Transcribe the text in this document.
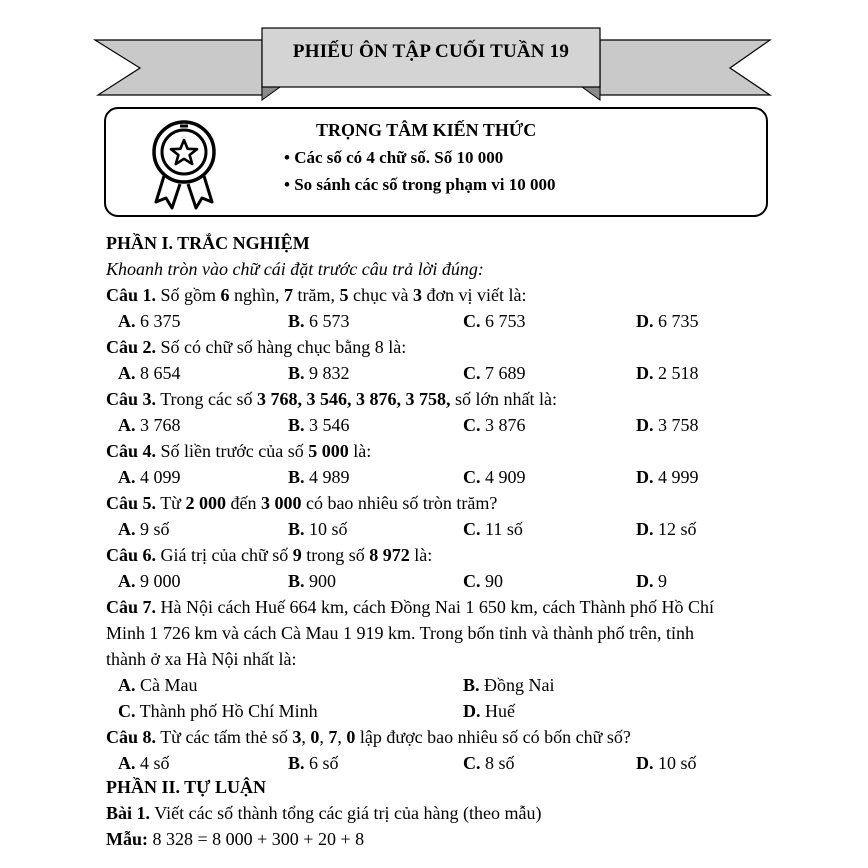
PHIẾU ÔN TẬP CUỐI TUẦN 19
TRỌNG TÂM KIẾN THỨC
• Các số có 4 chữ số. Số 10 000
• So sánh các số trong phạm vi 10 000
PHẦN I. TRẮC NGHIỆM
Khoanh tròn vào chữ cái đặt trước câu trả lời đúng:
Câu 1. Số gồm 6 nghìn, 7 trăm, 5 chục và 3 đơn vị viết là:
A. 6 375	B. 6 573	C. 6 753	D. 6 735
Câu 2. Số có chữ số hàng chục bằng 8 là:
A. 8 654	B. 9 832	C. 7 689	D. 2 518
Câu 3. Trong các số 3 768, 3 546, 3 876, 3 758, số lớn nhất là:
A. 3 768	B. 3 546	C. 3 876	D. 3 758
Câu 4. Số liền trước của số 5 000 là:
A. 4 099	B. 4 989	C. 4 909	D. 4 999
Câu 5. Từ 2 000 đến 3 000 có bao nhiêu số tròn trăm?
A. 9 số	B. 10 số	C. 11 số	D. 12 số
Câu 6. Giá trị của chữ số 9 trong số 8 972 là:
A. 9 000	B. 900	C. 90	D. 9
Câu 7. Hà Nội cách Huế 664 km, cách Đồng Nai 1 650 km, cách Thành phố Hồ Chí
Minh 1 726 km và cách Cà Mau 1 919 km. Trong bốn tỉnh và thành phố trên, tỉnh
thành ở xa Hà Nội nhất là:
A. Cà Mau	B. Đồng Nai
C. Thành phố Hồ Chí Minh	D. Huế
Câu 8. Từ các tấm thẻ số 3, 0, 7, 0 lập được bao nhiêu số có bốn chữ số?
A. 4 số	B. 6 số	C. 8 số	D. 10 số
PHẦN II. TỰ LUẬN
Bài 1. Viết các số thành tổng các giá trị của hàng (theo mẫu)
Mẫu: 8 328 = 8 000 + 300 + 20 + 8
